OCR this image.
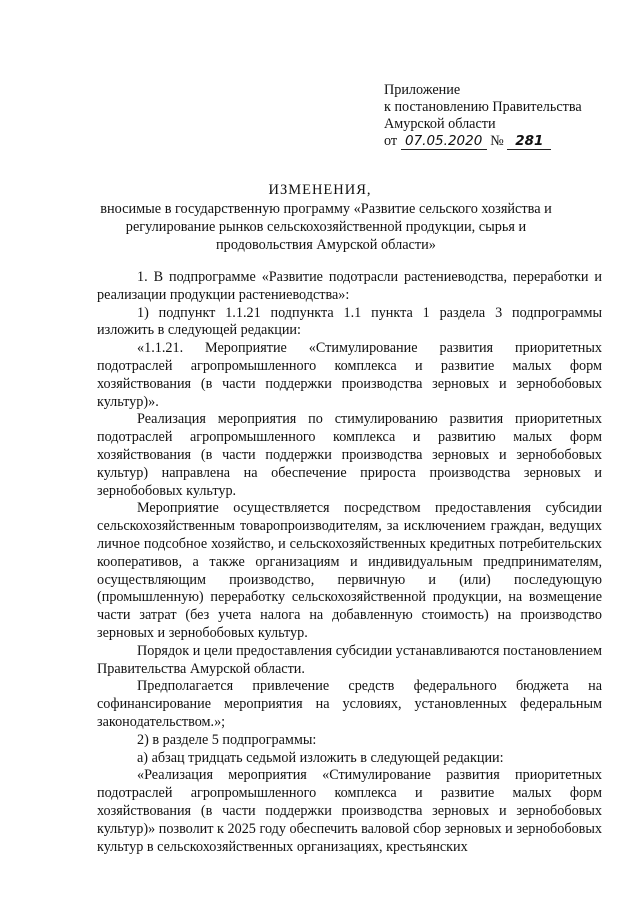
Приложение
к постановлению Правительства
Амурской области
от 07.05.2020 № 281
ИЗМЕНЕНИЯ,
вносимые в государственную программу «Развитие сельского хозяйства и регулирование рынков сельскохозяйственной продукции, сырья и продовольствия Амурской области»

1. В подпрограмме «Развитие подотрасли растениеводства, переработки и реализации продукции растениеводства»:

1) подпункт 1.1.21 подпункта 1.1 пункта 1 раздела 3 подпрограммы изложить в следующей редакции:

«1.1.21. Мероприятие «Стимулирование развития приоритетных подотраслей агропромышленного комплекса и развитие малых форм хозяйствования (в части поддержки производства зерновых и зернобобовых культур)».

Реализация мероприятия по стимулированию развития приоритетных подотраслей агропромышленного комплекса и развитию малых форм хозяйствования (в части поддержки производства зерновых и зернобобовых культур) направлена на обеспечение прироста производства зерновых и зернобобовых культур.

Мероприятие осуществляется посредством предоставления субсидии сельскохозяйственным товаропроизводителям, за исключением граждан, ведущих личное подсобное хозяйство, и сельскохозяйственных кредитных потребительских кооперативов, а также организациям и индивидуальным предпринимателям, осуществляющим производство, первичную и (или) последующую (промышленную) переработку сельскохозяйственной продукции, на возмещение части затрат (без учета налога на добавленную стоимость) на производство зерновых и зернобобовых культур.

Порядок и цели предоставления субсидии устанавливаются постановлением Правительства Амурской области.

Предполагается привлечение средств федерального бюджета на софинансирование мероприятия на условиях, установленных федеральным законодательством.»;

2) в разделе 5 подпрограммы:

а) абзац тридцать седьмой изложить в следующей редакции:

«Реализация мероприятия «Стимулирование развития приоритетных подотраслей агропромышленного комплекса и развитие малых форм хозяйствования (в части поддержки производства зерновых и зернобобовых культур)» позволит к 2025 году обеспечить валовой сбор зерновых и зернобобовых культур в сельскохозяйственных организациях, крестьянских
